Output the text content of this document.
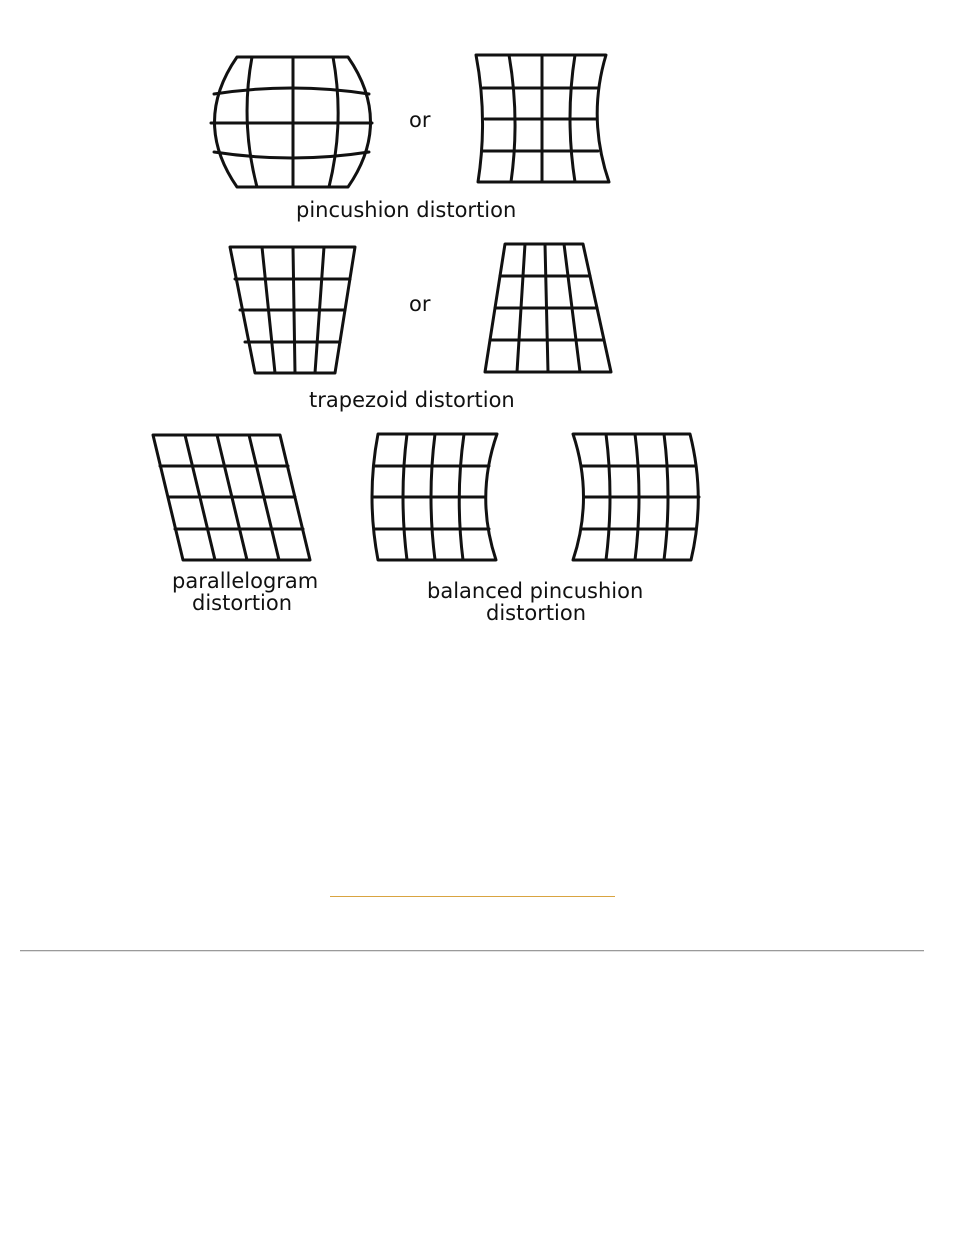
or
pincushion distortion
or
trapezoid distortion
parallelogram
distortion	balanced pincushion
distortion
